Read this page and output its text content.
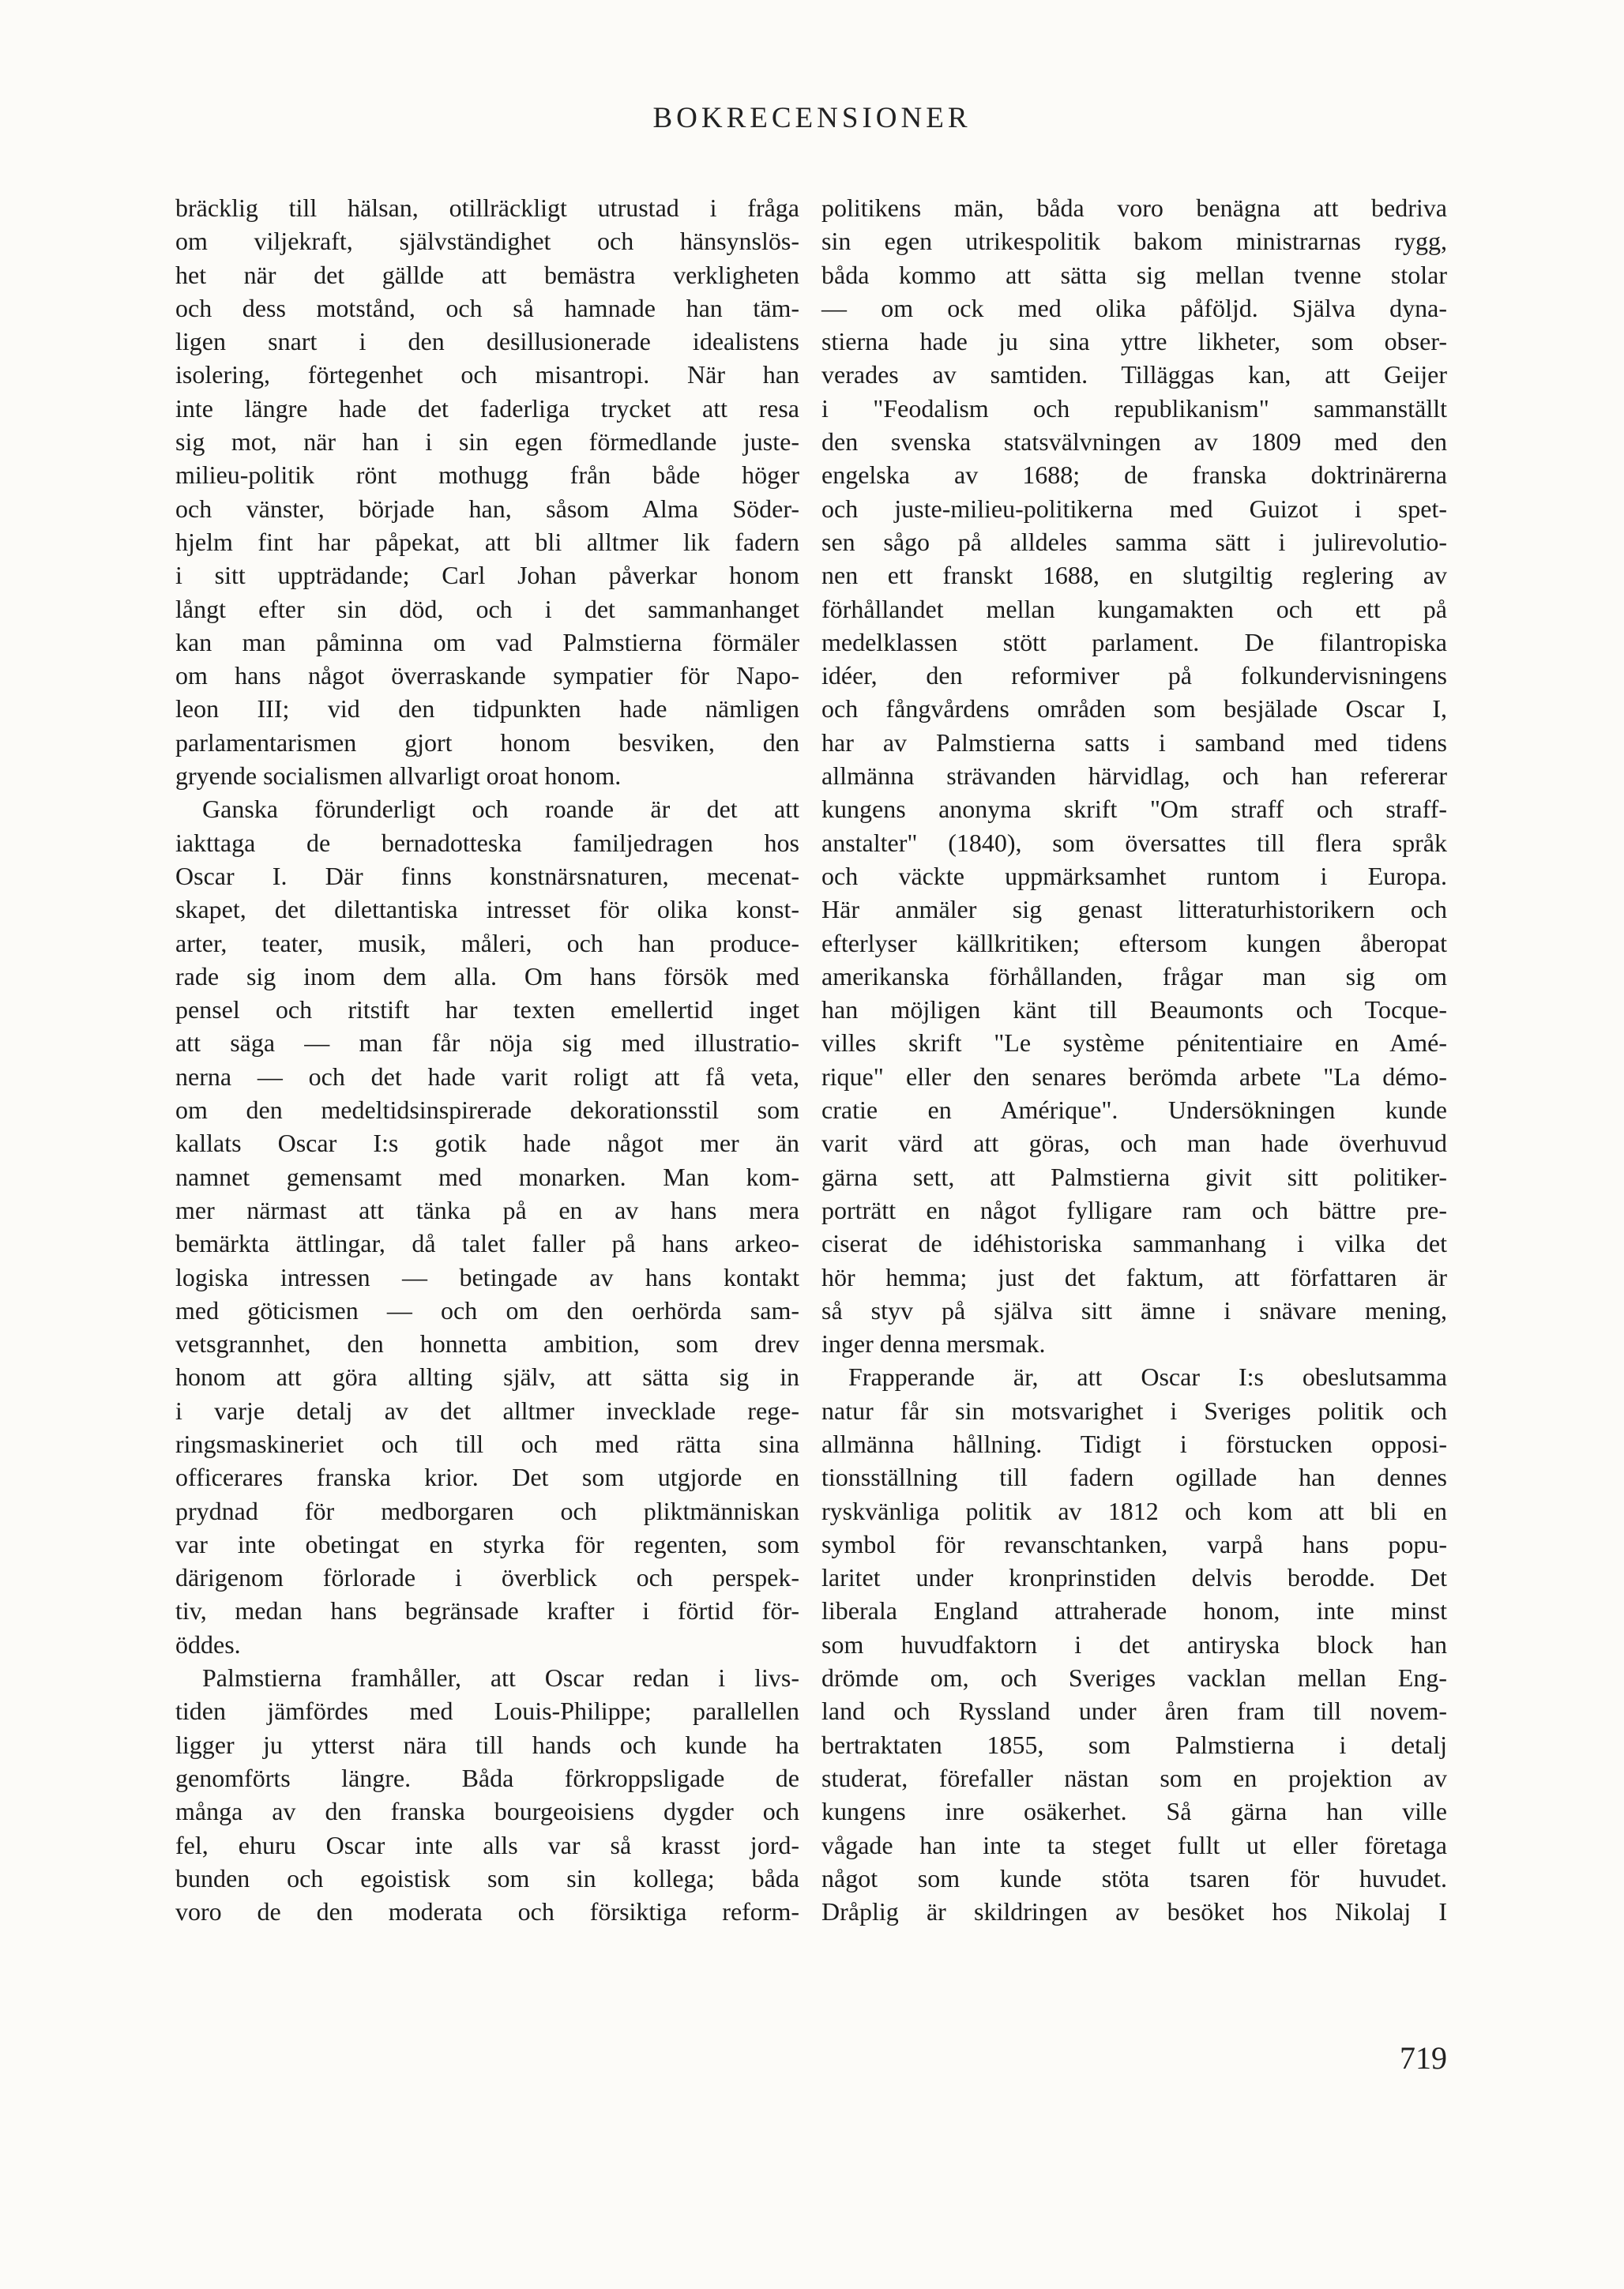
BOKRECENSIONER
bräcklig till hälsan, otillräckligt utrustad i fråga
om viljekraft, självständighet och hänsynslös-
het när det gällde att bemästra verkligheten
och dess motstånd, och så hamnade han täm-
ligen snart i den desillusionerade idealistens
isolering, förtegenhet och misantropi. När han
inte längre hade det faderliga trycket att resa
sig mot, när han i sin egen förmedlande juste-
milieu-politik rönt mothugg från både höger
och vänster, började han, såsom Alma Söder-
hjelm fint har påpekat, att bli alltmer lik fadern
i sitt uppträdande; Carl Johan påverkar honom
långt efter sin död, och i det sammanhanget
kan man påminna om vad Palmstierna förmäler
om hans något överraskande sympatier för Napo-
leon III; vid den tidpunkten hade nämligen
parlamentarismen gjort honom besviken, den
gryende socialismen allvarligt oroat honom.
Ganska förunderligt och roande är det att
iakttaga de bernadotteska familjedragen hos
Oscar I. Där finns konstnärsnaturen, mecenat-
skapet, det dilettantiska intresset för olika konst-
arter, teater, musik, måleri, och han produce-
rade sig inom dem alla. Om hans försök med
pensel och ritstift har texten emellertid inget
att säga — man får nöja sig med illustratio-
nerna — och det hade varit roligt att få veta,
om den medeltidsinspirerade dekorationsstil som
kallats Oscar I:s gotik hade något mer än
namnet gemensamt med monarken. Man kom-
mer närmast att tänka på en av hans mera
bemärkta ättlingar, då talet faller på hans arkeo-
logiska intressen — betingade av hans kontakt
med göticismen — och om den oerhörda sam-
vetsgrannhet, den honnetta ambition, som drev
honom att göra allting själv, att sätta sig in
i varje detalj av det alltmer invecklade rege-
ringsmaskineriet och till och med rätta sina
officerares franska krior. Det som utgjorde en
prydnad för medborgaren och pliktmänniskan
var inte obetingat en styrka för regenten, som
därigenom förlorade i överblick och perspek-
tiv, medan hans begränsade krafter i förtid för-
öddes.
Palmstierna framhåller, att Oscar redan i livs-
tiden jämfördes med Louis-Philippe; parallellen
ligger ju ytterst nära till hands och kunde ha
genomförts längre. Båda förkroppsligade de
många av den franska bourgeoisiens dygder och
fel, ehuru Oscar inte alls var så krasst jord-
bunden och egoistisk som sin kollega; båda
voro de den moderata och försiktiga reform-
politikens män, båda voro benägna att bedriva
sin egen utrikespolitik bakom ministrarnas rygg,
båda kommo att sätta sig mellan tvenne stolar
— om ock med olika påföljd. Själva dyna-
stierna hade ju sina yttre likheter, som obser-
verades av samtiden. Tilläggas kan, att Geijer
i "Feodalism och republikanism" sammanställt
den svenska statsvälvningen av 1809 med den
engelska av 1688; de franska doktrinärerna
och juste-milieu-politikerna med Guizot i spet-
sen sågo på alldeles samma sätt i julirevolutio-
nen ett franskt 1688, en slutgiltig reglering av
förhållandet mellan kungamakten och ett på
medelklassen stött parlament. De filantropiska
idéer, den reformiver på folkundervisningens
och fångvårdens områden som besjälade Oscar I,
har av Palmstierna satts i samband med tidens
allmänna strävanden härvidlag, och han refererar
kungens anonyma skrift "Om straff och straff-
anstalter" (1840), som översattes till flera språk
och väckte uppmärksamhet runtom i Europa.
Här anmäler sig genast litteraturhistorikern och
efterlyser källkritiken; eftersom kungen åberopat
amerikanska förhållanden, frågar man sig om
han möjligen känt till Beaumonts och Tocque-
villes skrift "Le système pénitentiaire en Amé-
rique" eller den senares berömda arbete "La démo-
cratie en Amérique". Undersökningen kunde
varit värd att göras, och man hade överhuvud
gärna sett, att Palmstierna givit sitt politiker-
porträtt en något fylligare ram och bättre pre-
ciserat de idéhistoriska sammanhang i vilka det
hör hemma; just det faktum, att författaren är
så styv på själva sitt ämne i snävare mening,
inger denna mersmak.
Frapperande är, att Oscar I:s obeslutsamma
natur får sin motsvarighet i Sveriges politik och
allmänna hållning. Tidigt i förstucken opposi-
tionsställning till fadern ogillade han dennes
ryskvänliga politik av 1812 och kom att bli en
symbol för revanschtanken, varpå hans popu-
laritet under kronprinstiden delvis berodde. Det
liberala England attraherade honom, inte minst
som huvudfaktorn i det antiryska block han
drömde om, och Sveriges vacklan mellan Eng-
land och Ryssland under åren fram till novem-
bertraktaten 1855, som Palmstierna i detalj
studerat, förefaller nästan som en projektion av
kungens inre osäkerhet. Så gärna han ville
vågade han inte ta steget fullt ut eller företaga
något som kunde stöta tsaren för huvudet.
Dråplig är skildringen av besöket hos Nikolaj I
719
